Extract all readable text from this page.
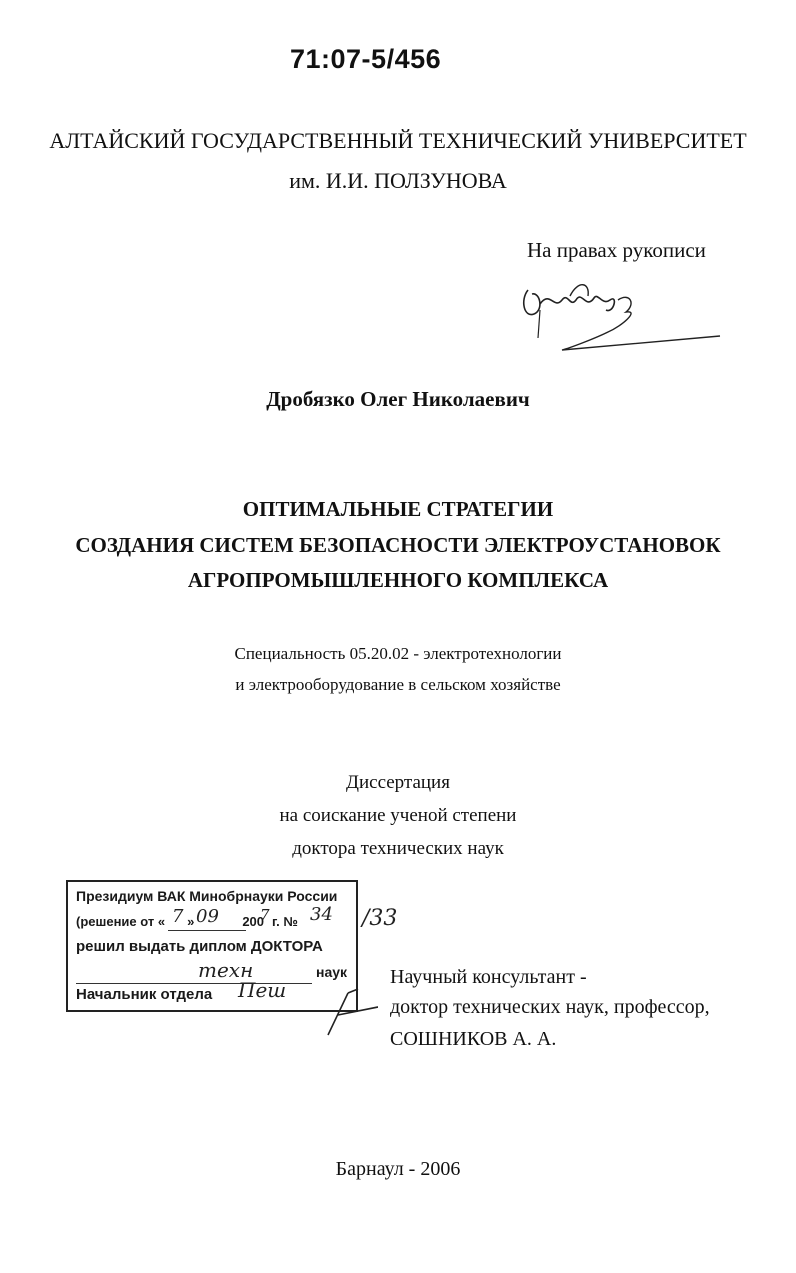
71:07-5/456
АЛТАЙСКИЙ ГОСУДАРСТВЕННЫЙ ТЕХНИЧЕСКИЙ УНИВЕРСИТЕТ
им. И.И. ПОЛЗУНОВА
На правах рукописи
Дробязко Олег Николаевич
ОПТИМАЛЬНЫЕ СТРАТЕГИИ
СОЗДАНИЯ СИСТЕМ БЕЗОПАСНОСТИ ЭЛЕКТРОУСТАНОВОК
АГРОПРОМЫШЛЕННОГО КОМПЛЕКСА
Специальность 05.20.02 - электротехнологии
и электрооборудование в сельском хозяйстве
Диссертация
на соискание ученой степени
доктора технических наук
Президиум ВАК Минобрнауки России
(решение от « »	200 г. №
решил выдать диплом ДОКТОРА
наук
Начальник отдела
7 09	7 34
техн
Пеш
/33
Научный консультант -
доктор технических наук, профессор,
СОШНИКОВ А. А.
Барнаул - 2006
